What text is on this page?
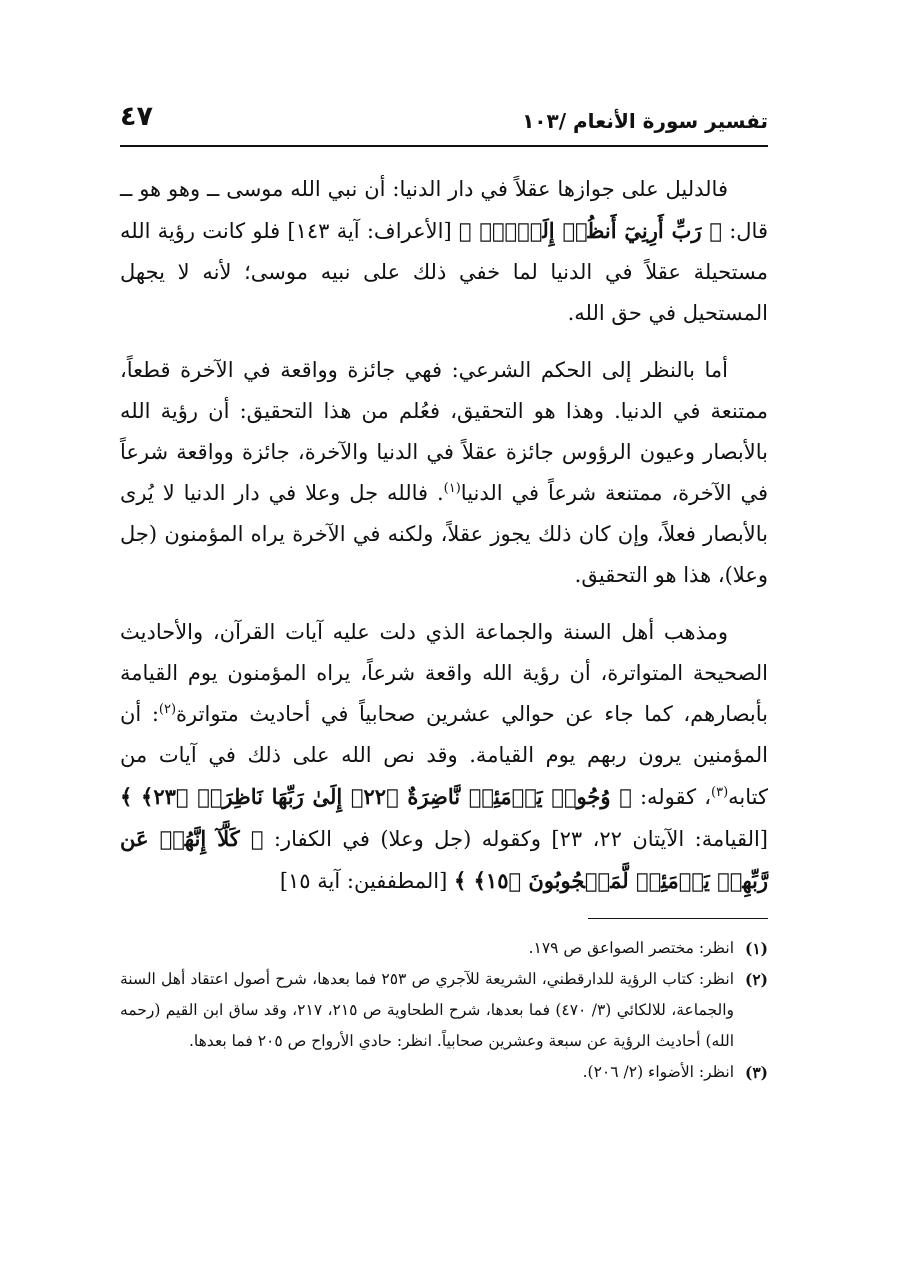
تفسير سورة الأنعام /١٠٣
٤٧

فالدليل على جوازها عقلاً في دار الدنيا: أن نبي الله موسى ــ وهو هو ــ قال: ﴿ رَبِّ أَرِنِيٓ أَنظُرۡ إِلَيۡكَۚ ﴾ [الأعراف: آية ١٤٣] فلو كانت رؤية الله مستحيلة عقلاً في الدنيا لما خفي ذلك على نبيه موسى؛ لأنه لا يجهل المستحيل في حق الله.

أما بالنظر إلى الحكم الشرعي: فهي جائزة وواقعة في الآخرة قطعاً، ممتنعة في الدنيا. وهذا هو التحقيق، فعُلم من هذا التحقيق: أن رؤية الله بالأبصار وعيون الرؤوس جائزة عقلاً في الدنيا والآخرة، جائزة وواقعة شرعاً في الآخرة، ممتنعة شرعاً في الدنيا$^{(١)}$. فالله جل وعلا في دار الدنيا لا يُرى بالأبصار فعلاً، وإن كان ذلك يجوز عقلاً، ولكنه في الآخرة يراه المؤمنون (جل وعلا)، هذا هو التحقيق.

ومذهب أهل السنة والجماعة الذي دلت عليه آيات القرآن، والأحاديث الصحيحة المتواترة، أن رؤية الله واقعة شرعاً، يراه المؤمنون يوم القيامة بأبصارهم، كما جاء عن حوالي عشرين صحابياً في أحاديث متواترة$^{(٢)}$: أن المؤمنين يرون ربهم يوم القيامة. وقد نص الله على ذلك في آيات من كتابه$^{(٣)}$، كقوله: ﴿ وُجُوهٞ يَوۡمَئِذٖ نَّاضِرَةٌ ﴿٢٢﴾ إِلَىٰ رَبِّهَا نَاظِرَةٞ ﴿٢٣﴾ ﴾ [القيامة: الآيتان ٢٢، ٢٣] وكقوله (جل وعلا) في الكفار: ﴿ كَلَّآ إِنَّهُمۡ عَن رَّبِّهِمۡ يَوۡمَئِذٖ لَّمَحۡجُوبُونَ ﴿١٥﴾ ﴾ [المطففين: آية ١٥]

(١)
انظر: مختصر الصواعق ص ١٧٩.
(٢)
انظر: كتاب الرؤية للدارقطني، الشريعة للآجري ص ٢٥٣ فما بعدها، شرح أصول اعتقاد أهل السنة والجماعة، للالكائي (٣/ ٤٧٠) فما بعدها، شرح الطحاوية ص ٢١٥، ٢١٧، وقد ساق ابن القيم (رحمه الله) أحاديث الرؤية عن سبعة وعشرين صحابياً. انظر: حادي الأرواح ص ٢٠٥ فما بعدها.
(٣)
انظر: الأضواء (٢/ ٢٠٦).
